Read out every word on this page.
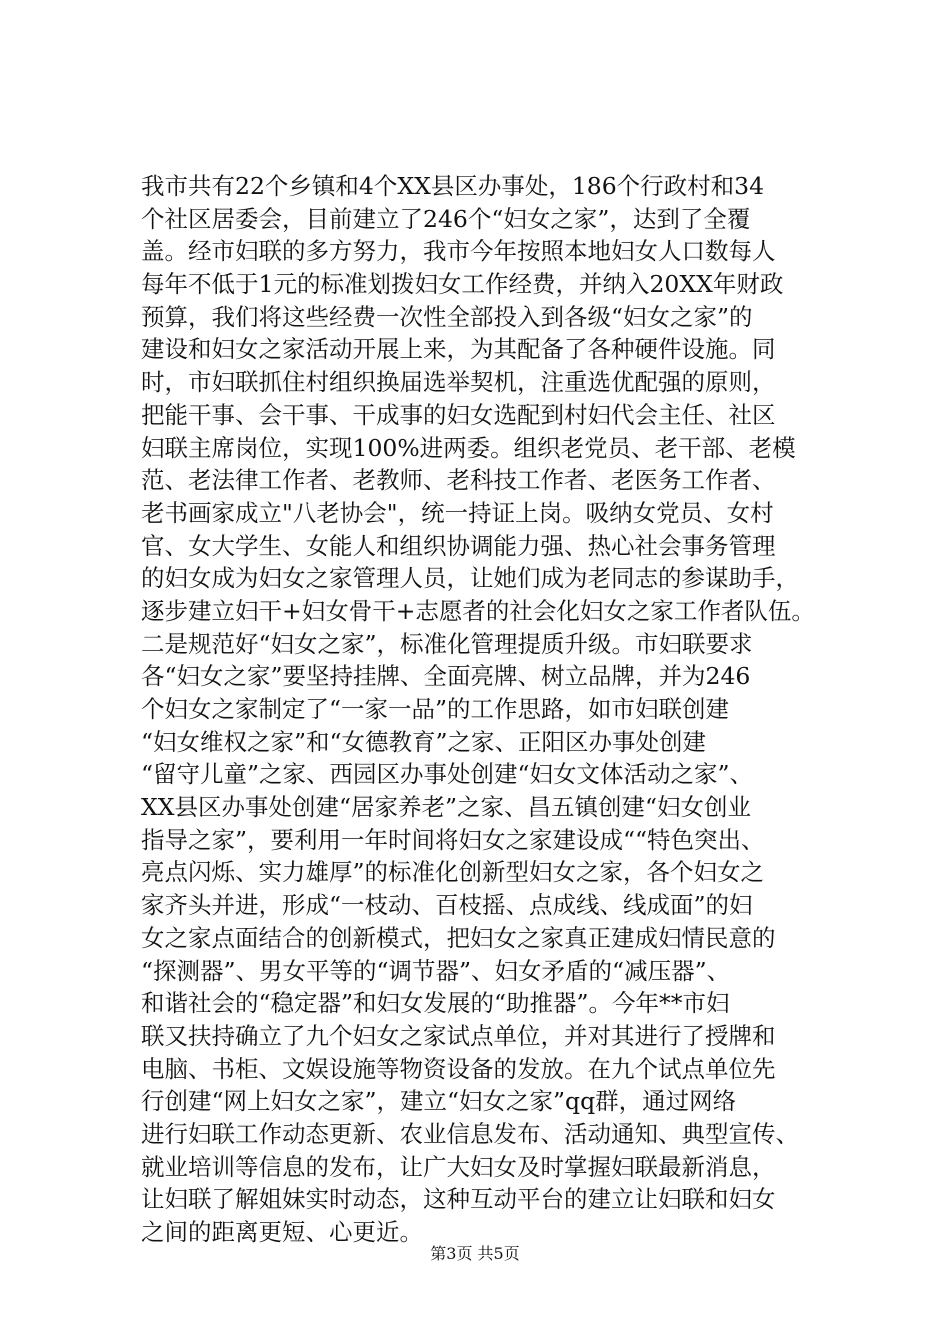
我市共有22个乡镇和4个XX县区办事处，186个行政村和34
个社区居委会，目前建立了246个“妇女之家”，达到了全覆
盖。经市妇联的多方努力，我市今年按照本地妇女人口数每人
每年不低于1元的标准划拨妇女工作经费，并纳入20XX年财政
预算，我们将这些经费一次性全部投入到各级“妇女之家”的
建设和妇女之家活动开展上来，为其配备了各种硬件设施。同
时，市妇联抓住村组织换届选举契机，注重选优配强的原则，
把能干事、会干事、干成事的妇女选配到村妇代会主任、社区
妇联主席岗位，实现100%进两委。组织老党员、老干部、老模
范、老法律工作者、老教师、老科技工作者、老医务工作者、
老书画家成立"八老协会"，统一持证上岗。吸纳女党员、女村
官、女大学生、女能人和组织协调能力强、热心社会事务管理
的妇女成为妇女之家管理人员，让她们成为老同志的参谋助手，
逐步建立妇干+妇女骨干+志愿者的社会化妇女之家工作者队伍。
二是规范好“妇女之家”，标准化管理提质升级。市妇联要求
各“妇女之家”要坚持挂牌、全面亮牌、树立品牌，并为246
个妇女之家制定了“一家一品”的工作思路，如市妇联创建
“妇女维权之家”和“女德教育”之家、正阳区办事处创建
“留守儿童”之家、西园区办事处创建“妇女文体活动之家”、
XX县区办事处创建“居家养老”之家、昌五镇创建“妇女创业
指导之家”，要利用一年时间将妇女之家建设成““特色突出、
亮点闪烁、实力雄厚”的标准化创新型妇女之家，各个妇女之
家齐头并进，形成“一枝动、百枝摇、点成线、线成面”的妇
女之家点面结合的创新模式，把妇女之家真正建成妇情民意的
“探测器”、男女平等的“调节器”、妇女矛盾的“减压器”、
和谐社会的“稳定器”和妇女发展的“助推器”。今年**市妇
联又扶持确立了九个妇女之家试点单位，并对其进行了授牌和
电脑、书柜、文娱设施等物资设备的发放。在九个试点单位先
行创建“网上妇女之家”，建立“妇女之家”qq群，通过网络
进行妇联工作动态更新、农业信息发布、活动通知、典型宣传、
就业培训等信息的发布，让广大妇女及时掌握妇联最新消息，
让妇联了解姐妹实时动态，这种互动平台的建立让妇联和妇女
之间的距离更短、心更近。
第3页 共5页
